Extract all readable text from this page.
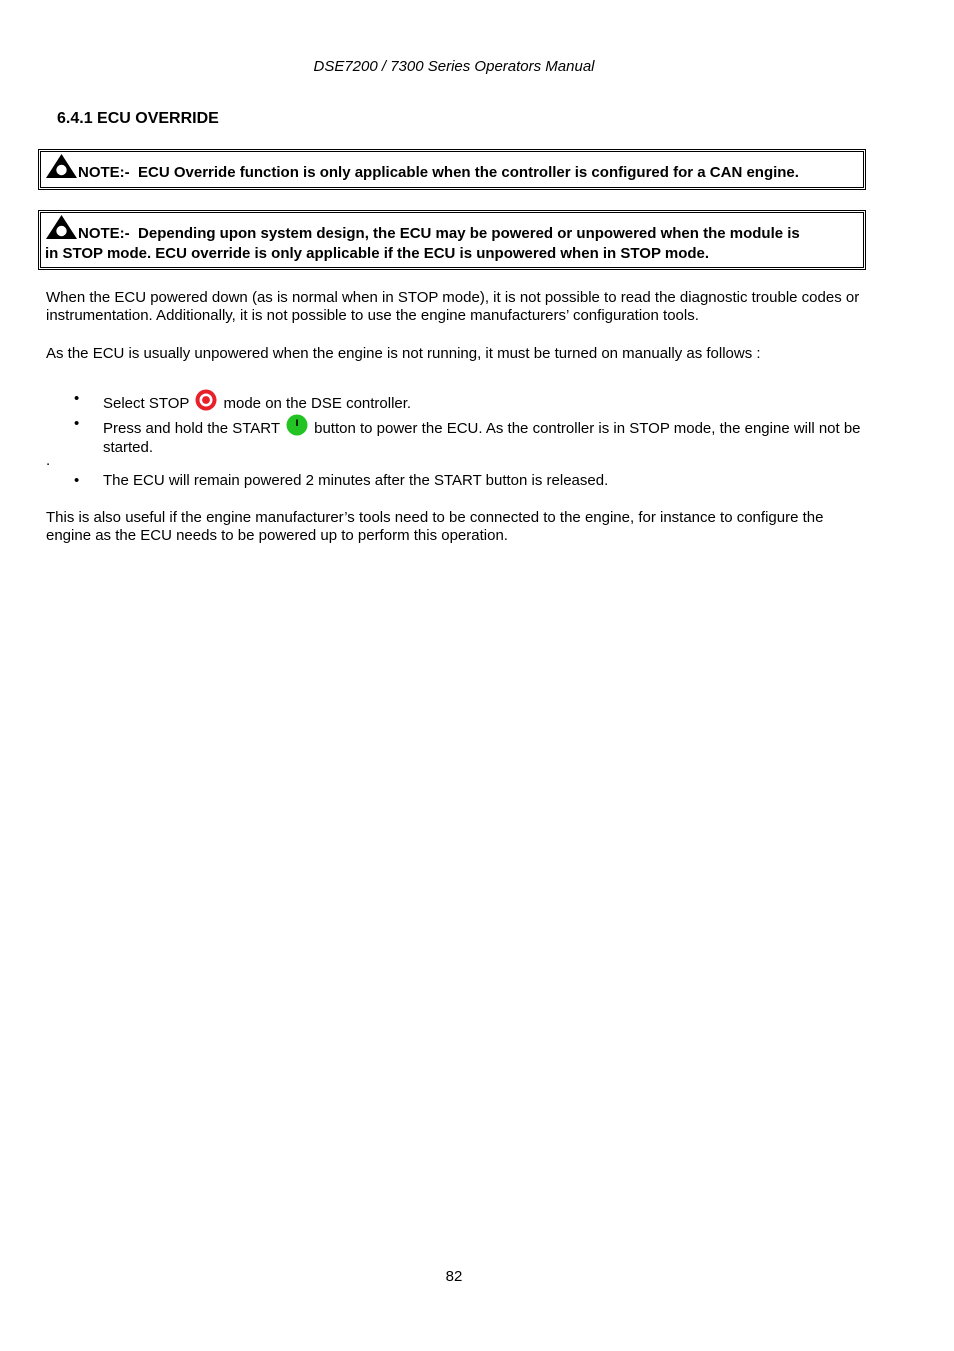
DSE7200 / 7300 Series Operators Manual
6.4.1 ECU OVERRIDE
NOTE:- ECU Override function is only applicable when the controller is configured for a CAN engine.
NOTE:- Depending upon system design, the ECU may be powered or unpowered when the module is
in STOP mode. ECU override is only applicable if the ECU is unpowered when in STOP mode.
When the ECU powered down (as is normal when in STOP mode), it is not possible to read the diagnostic trouble codes or instrumentation. Additionally, it is not possible to use the engine manufacturers’ configuration tools.
As the ECU is usually unpowered when the engine is not running, it must be turned on manually as follows :
• Select STOP mode on the DSE controller.
• Press and hold the START button to power the ECU. As the controller is in STOP mode, the engine will not be started.
.
• The ECU will remain powered 2 minutes after the START button is released.
This is also useful if the engine manufacturer’s tools need to be connected to the engine, for instance to configure the engine as the ECU needs to be powered up to perform this operation.
82
